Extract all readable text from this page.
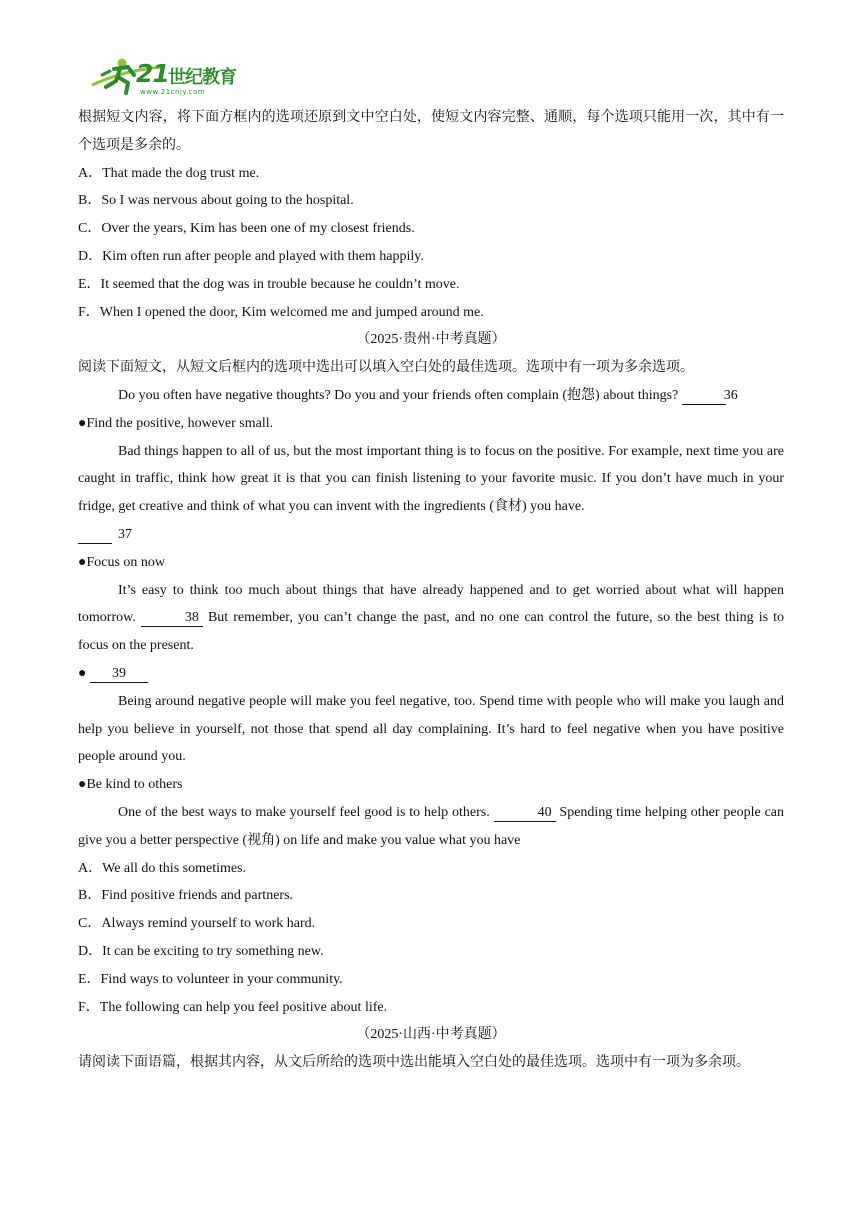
21 世纪教育
www.21cnjy.com

根据短文内容，将下面方框内的选项还原到文中空白处，使短文内容完整、通顺，每个选项只能用一次，其中有一个选项是多余的。

A．That made the dog trust me.
B．So I was nervous about going to the hospital.
C．Over the years, Kim has been one of my closest friends.
D．Kim often run after people and played with them happily.
E．It seemed that the dog was in trouble because he couldn’t move.
F．When I opened the door, Kim welcomed me and jumped around me.
（2025·贵州·中考真题）

阅读下面短文，从短文后框内的选项中选出可以填入空白处的最佳选项。选项中有一项为多余选项。

Do you often have negative thoughts? Do you and your friends often complain (抱怨) about things?	36

●Find the positive, however small.

Bad things happen to all of us, but the most important thing is to focus on the positive. For example, next time you are caught in traffic, think how great it is that you can finish listening to your favorite music. If you don’t have much in your fridge, get creative and think of what you can invent with the ingredients (食材) you have.
37

●Focus on now

It’s easy to think too much about things that have already happened and to get worried about what will happen tomorrow.	38 But remember, you can’t change the past, and no one can control the future, so the best thing is to focus on the present.

● 39

Being around negative people will make you feel negative, too. Spend time with people who will make you laugh and help you believe in yourself, not those that spend all day complaining. It’s hard to feel negative when you have positive people around you.

●Be kind to others

One of the best ways to make yourself feel good is to help others.	40 Spending time helping other people can give you a better perspective (视角) on life and make you value what you have

A．We all do this sometimes.
B．Find positive friends and partners.
C．Always remind yourself to work hard.
D．It can be exciting to try something new.
E．Find ways to volunteer in your community.
F．The following can help you feel positive about life.
（2025·山西·中考真题）

请阅读下面语篇，根据其内容，从文后所给的选项中选出能填入空白处的最佳选项。选项中有一项为多余项。
